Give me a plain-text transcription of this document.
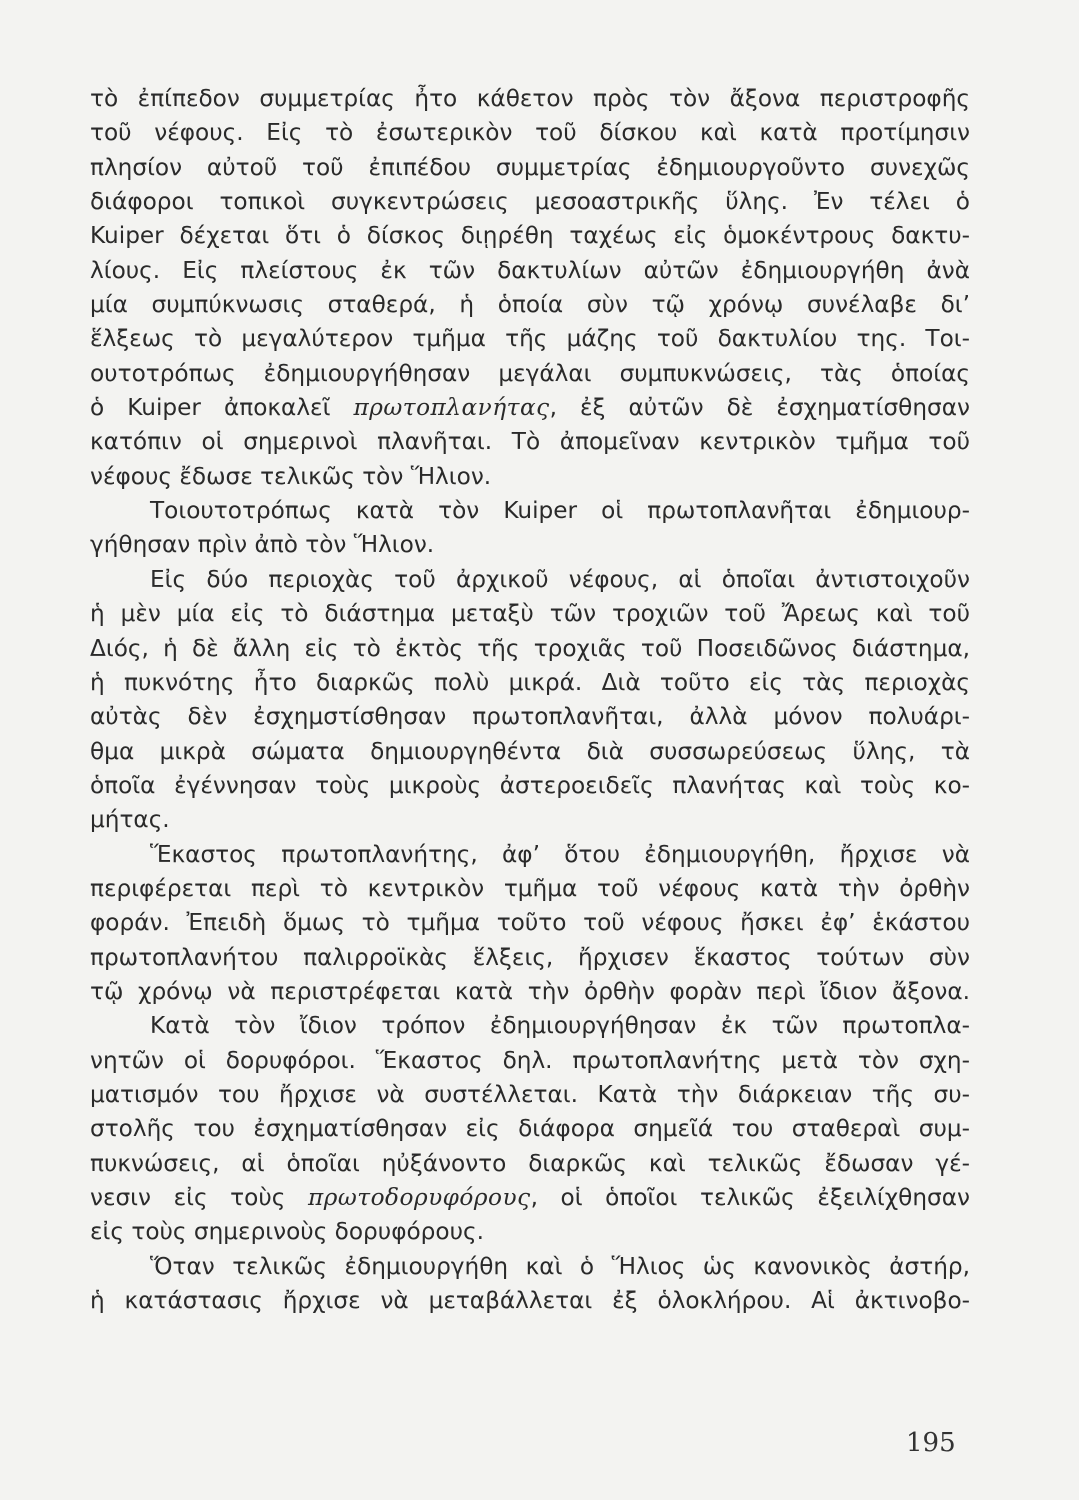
τὸ ἐπίπεδον συμμετρίας ἦτο κάθετον πρὸς τὸν ἄξονα περιστροφῆς
τοῦ νέφους. Εἰς τὸ ἐσωτερικὸν τοῦ δίσκου καὶ κατὰ προτίμησιν
πλησίον αὐτοῦ τοῦ ἐπιπέδου συμμετρίας ἐδημιουργοῦντο συνεχῶς
διάφοροι τοπικοὶ συγκεντρώσεις μεσοαστρικῆς ὕλης. Ἐν τέλει ὁ
Kuiper δέχεται ὅτι ὁ δίσκος διῃρέθη ταχέως εἰς ὁμοκέντρους δακτυ-
λίους. Εἰς πλείστους ἐκ τῶν δακτυλίων αὐτῶν ἐδημιουργήθη ἀνὰ
μία συμπύκνωσις σταθερά, ἡ ὁποία σὺν τῷ χρόνῳ συνέλαβε δι’
ἕλξεως τὸ μεγαλύτερον τμῆμα τῆς μάζης τοῦ δακτυλίου της. Τοι-
ουτοτρόπως ἐδημιουργήθησαν μεγάλαι συμπυκνώσεις, τὰς ὁποίας
ὁ Kuiper ἀποκαλεῖ πρωτοπλανήτας, ἐξ αὐτῶν δὲ ἐσχηματίσθησαν
κατόπιν οἱ σημερινοὶ πλανῆται. Τὸ ἀπομεῖναν κεντρικὸν τμῆμα τοῦ
νέφους ἔδωσε τελικῶς τὸν Ἥλιον.
Τοιουτοτρόπως κατὰ τὸν Kuiper οἱ πρωτοπλανῆται ἐδημιουρ-
γήθησαν πρὶν ἀπὸ τὸν Ἥλιον.
Εἰς δύο περιοχὰς τοῦ ἀρχικοῦ νέφους, αἱ ὁποῖαι ἀντιστοιχοῦν
ἡ μὲν μία εἰς τὸ διάστημα μεταξὺ τῶν τροχιῶν τοῦ Ἄρεως καὶ τοῦ
Διός, ἡ δὲ ἄλλη εἰς τὸ ἐκτὸς τῆς τροχιᾶς τοῦ Ποσειδῶνος διάστημα,
ἡ πυκνότης ἦτο διαρκῶς πολὺ μικρά. Διὰ τοῦτο εἰς τὰς περιοχὰς
αὐτὰς δὲν ἐσχημστίσθησαν πρωτοπλανῆται, ἀλλὰ μόνον πολυάρι-
θμα μικρὰ σώματα δημιουργηθέντα διὰ συσσωρεύσεως ὕλης, τὰ
ὁποῖα ἐγέννησαν τοὺς μικροὺς ἀστεροειδεῖς πλανήτας καὶ τοὺς κο-
μήτας.
Ἕκαστος πρωτοπλανήτης, ἀφ’ ὅτου ἐδημιουργήθη, ἤρχισε νὰ
περιφέρεται περὶ τὸ κεντρικὸν τμῆμα τοῦ νέφους κατὰ τὴν ὀρθὴν
φοράν. Ἐπειδὴ ὅμως τὸ τμῆμα τοῦτο τοῦ νέφους ἤσκει ἐφ’ ἑκάστου
πρωτοπλανήτου παλιρροϊκὰς ἕλξεις, ἤρχισεν ἕκαστος τούτων σὺν
τῷ χρόνῳ νὰ περιστρέφεται κατὰ τὴν ὀρθὴν φορὰν περὶ ἴδιον ἄξονα.
Κατὰ τὸν ἴδιον τρόπον ἐδημιουργήθησαν ἐκ τῶν πρωτοπλα-
νητῶν οἱ δορυφόροι. Ἕκαστος δηλ. πρωτοπλανήτης μετὰ τὸν σχη-
ματισμόν του ἤρχισε νὰ συστέλλεται. Κατὰ τὴν διάρκειαν τῆς συ-
στολῆς του ἐσχηματίσθησαν εἰς διάφορα σημεῖά του σταθεραὶ συμ-
πυκνώσεις, αἱ ὁποῖαι ηὐξάνοντο διαρκῶς καὶ τελικῶς ἔδωσαν γέ-
νεσιν εἰς τοὺς πρωτοδορυφόρους, οἱ ὁποῖοι τελικῶς ἐξειλίχθησαν
εἰς τοὺς σημερινοὺς δορυφόρους.
Ὅταν τελικῶς ἐδημιουργήθη καὶ ὁ Ἥλιος ὡς κανονικὸς ἀστήρ,
ἡ κατάστασις ἤρχισε νὰ μεταβάλλεται ἐξ ὁλοκλήρου. Αἱ ἀκτινοβο-
195
